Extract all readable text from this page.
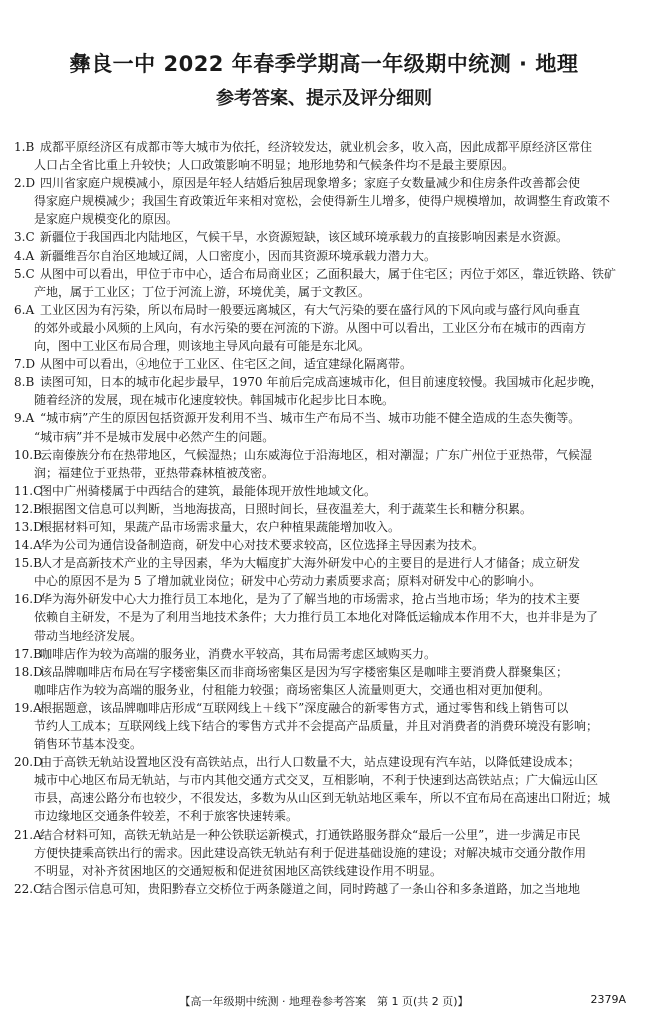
彝良一中 2022 年春季学期高一年级期中统测 · 地理
参考答案、提示及评分细则
1.B 成都平原经济区有成都市等大城市为依托，经济较发达，就业机会多，收入高，因此成都平原经济区常住
人口占全省比重上升较快；人口政策影响不明显；地形地势和气候条件均不是最主要原因。
2.D 四川省家庭户规模减小，原因是年轻人结婚后独居现象增多；家庭子女数量减少和住房条件改善都会使
得家庭户规模减少；我国生育政策近年来相对宽松，会使得新生儿增多，使得户规模增加，故调整生育政策不
是家庭户规模变化的原因。
3.C 新疆位于我国西北内陆地区，气候干旱，水资源短缺，该区域环境承载力的直接影响因素是水资源。
4.A 新疆维吾尔自治区地域辽阔，人口密度小，因而其资源环境承载力潜力大。
5.C 从图中可以看出，甲位于市中心，适合布局商业区；乙面积最大，属于住宅区；丙位于郊区，靠近铁路、铁矿
产地，属于工业区；丁位于河流上游，环境优美，属于文教区。
6.A 工业区因为有污染，所以布局时一般要远离城区，有大气污染的要在盛行风的下风向或与盛行风向垂直
的郊外或最小风频的上风向，有水污染的要在河流的下游。从图中可以看出，工业区分布在城市的西南方
向，图中工业区布局合理，则该地主导风向最有可能是东北风。
7.D 从图中可以看出，④地位于工业区、住宅区之间，适宜建绿化隔离带。
8.B 读图可知，日本的城市化起步最早，1970 年前后完成高速城市化，但目前速度较慢。我国城市化起步晚，
随着经济的发展，现在城市化速度较快。韩国城市化起步比日本晚。
9.A “城市病”产生的原因包括资源开发利用不当、城市生产布局不当、城市功能不健全造成的生态失衡等。
“城市病”并不是城市发展中必然产生的问题。
10.B云南傣族分布在热带地区，气候湿热；山东威海位于沿海地区，相对潮湿；广东广州位于亚热带，气候湿
润；福建位于亚热带，亚热带森林植被茂密。
11.C图中广州骑楼属于中西结合的建筑，最能体现开放性地域文化。
12.B根据图文信息可以判断，当地海拔高，日照时间长，昼夜温差大，利于蔬菜生长和糖分积累。
13.D根据材料可知，果蔬产品市场需求量大，农户种植果蔬能增加收入。
14.A华为公司为通信设备制造商，研发中心对技术要求较高，区位选择主导因素为技术。
15.B人才是高新技术产业的主导因素，华为大幅度扩大海外研发中心的主要目的是进行人才储备；成立研发
中心的原因不是为 5 了增加就业岗位；研发中心劳动力素质要求高；原料对研发中心的影响小。
16.D华为海外研发中心大力推行员工本地化，是为了了解当地的市场需求，抢占当地市场；华为的技术主要
依赖自主研发，不是为了利用当地技术条件；大力推行员工本地化对降低运输成本作用不大，也并非是为了
带动当地经济发展。
17.B咖啡店作为较为高端的服务业，消费水平较高，其布局需考虑区域购买力。
18.D该品牌咖啡店布局在写字楼密集区而非商场密集区是因为写字楼密集区是咖啡主要消费人群聚集区；
咖啡店作为较为高端的服务业，付租能力较强；商场密集区人流量则更大，交通也相对更加便利。
19.A根据题意，该品牌咖啡店形成“互联网线上＋线下”深度融合的新零售方式，通过零售和线上销售可以
节约人工成本；互联网线上线下结合的零售方式并不会提高产品质量，并且对消费者的消费环境没有影响；
销售环节基本没变。
20.D由于高铁无轨站设置地区没有高铁站点，出行人口数量不大，站点建设现有汽车站，以降低建设成本；
城市中心地区布局无轨站，与市内其他交通方式交叉，互相影响，不利于快速到达高铁站点；广大偏远山区
市县，高速公路分布也较少，不很发达，多数为从山区到无轨站地区乘车，所以不宜布局在高速出口附近；城
市边缘地区交通条件较差，不利于旅客快速转乘。
21.A结合材料可知，高铁无轨站是一种公铁联运新模式，打通铁路服务群众“最后一公里”，进一步满足市民
方便快捷乘高铁出行的需求。因此建设高铁无轨站有利于促进基础设施的建设；对解决城市交通分散作用
不明显，对补齐贫困地区的交通短板和促进贫困地区高铁线建设作用不明显。
22.C结合图示信息可知，贵阳黔春立交桥位于两条隧道之间，同时跨越了一条山谷和多条道路，加之当地地
【高一年级期中统测 · 地理卷参考答案　第 1 页(共 2 页)】	2379A
